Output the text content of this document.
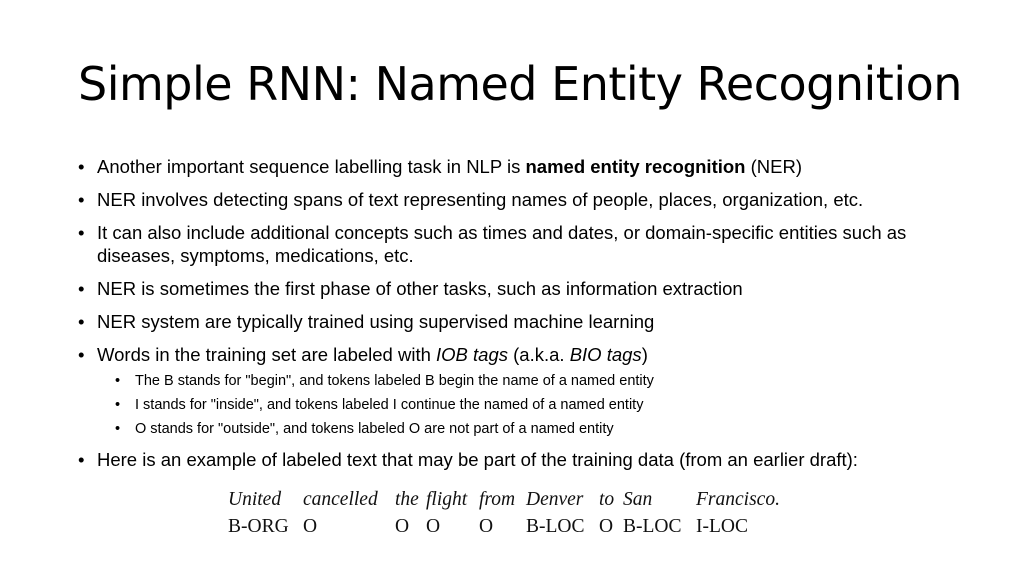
Simple RNN: Named Entity Recognition
• Another important sequence labelling task in NLP is named entity recognition (NER)
• NER involves detecting spans of text representing names of people, places, organization, etc.
• It can also include additional concepts such as times and dates, or domain-specific entities such as diseases, symptoms, medications, etc.
• NER is sometimes the first phase of other tasks, such as information extraction
• NER system are typically trained using supervised machine learning
• Words in the training set are labeled with IOB tags (a.k.a. BIO tags)
• The B stands for "begin", and tokens labeled B begin the name of a named entity
• I stands for "inside", and tokens labeled I continue the named of a named entity
• O stands for "outside", and tokens labeled O are not part of a named entity
• Here is an example of labeled text that may be part of the training data (from an earlier draft):
United cancelled the flight from Denver to San Francisco.
B-ORG O	O O O B-LOC O B-LOC I-LOC
